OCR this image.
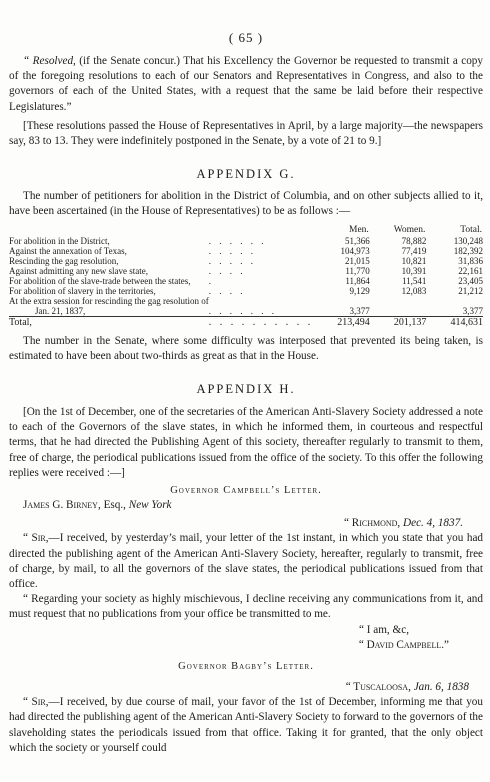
( 65 )

“ Resolved, (if the Senate concur.) That his Excellency the Governor be requested to transmit a copy of the foregoing resolutions to each of our Senators and Representatives in Congress, and also to the governors of each of the United States, with a request that the same be laid before their respective Legislatures.”

[These resolutions passed the House of Representatives in April, by a large majority—the newspapers say, 83 to 13. They were indefinitely postponed in the Senate, by a vote of 21 to 9.]

APPENDIX G.

The number of petitioners for abolition in the District of Columbia, and on other subjects allied to it, have been ascertained (in the House of Representatives) to be as follows :—

		Men.	Women.	Total.
For abolition in the District,	. . . . . .	51,366	78,882	130,248
Against the annexation of Texas,	. . . . .	104,973	77,419	182,392
Rescinding the gag resolution,	. . . . .	21,015	10,821	31,836
Against admitting any new slave state,	. . . .	11,770	10,391	22,161
For abolition of the slave-trade between the states,	.	11,864	11,541	23,405
For abolition of slavery in the territories,	. . . .	9,129	12,083	21,212
At the extra session for rescinding the gag resolution of				
Jan. 21, 1837,	. . . . . . .	3,377		3,377
Total,	. . . . . . . . . .	213,494	201,137	414,631

The number in the Senate, where some difficulty was interposed that prevented its being taken, is estimated to have been about two-thirds as great as that in the House.

APPENDIX H.

[On the 1st of December, one of the secretaries of the American Anti-Slavery Society addressed a note to each of the Governors of the slave states, in which he informed them, in courteous and respectful terms, that he had directed the Publishing Agent of this society, thereafter regularly to transmit to them, free of charge, the periodical publications issued from the office of the society. To this offer the following replies were received :—]

Governor Campbell’s Letter.

James G. Birney, Esq., New York

“ Richmond, Dec. 4, 1837.

“ Sir,—I received, by yesterday’s mail, your letter of the 1st instant, in which you state that you had directed the publishing agent of the American Anti-Slavery Society, hereafter, regularly to transmit, free of charge, by mail, to all the governors of the slave states, the periodical publications issued from that office.

“ Regarding your society as highly mischievous, I decline receiving any communications from it, and must request that no publications from your office be transmitted to me.

“ I am, &c,

“ David Campbell.”

Governor Bagby’s Letter.

“ Tuscaloosa, Jan. 6, 1838

“ Sir,—I received, by due course of mail, your favor of the 1st of December, informing me that you had directed the publishing agent of the American Anti-Slavery Society to forward to the governors of the slaveholding states the periodicals issued from that office. Taking it for granted, that the only object which the society or yourself could
